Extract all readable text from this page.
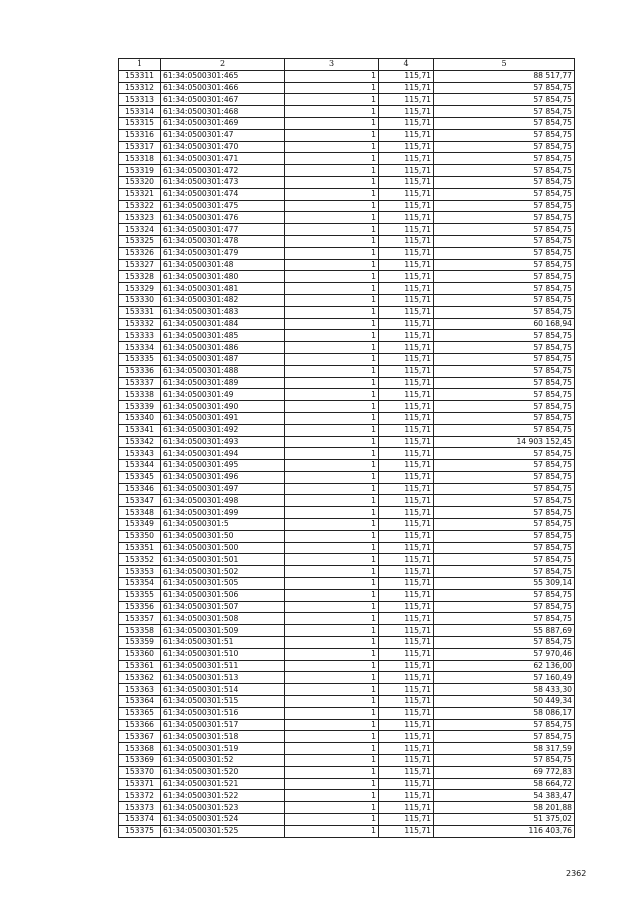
1	2	3	4	5
153311	61:34:0500301:465	1	115,71	88 517,77
153312	61:34:0500301:466	1	115,71	57 854,75
153313	61:34:0500301:467	1	115,71	57 854,75
153314	61:34:0500301:468	1	115,71	57 854,75
153315	61:34:0500301:469	1	115,71	57 854,75
153316	61:34:0500301:47	1	115,71	57 854,75
153317	61:34:0500301:470	1	115,71	57 854,75
153318	61:34:0500301:471	1	115,71	57 854,75
153319	61:34:0500301:472	1	115,71	57 854,75
153320	61:34:0500301:473	1	115,71	57 854,75
153321	61:34:0500301:474	1	115,71	57 854,75
153322	61:34:0500301:475	1	115,71	57 854,75
153323	61:34:0500301:476	1	115,71	57 854,75
153324	61:34:0500301:477	1	115,71	57 854,75
153325	61:34:0500301:478	1	115,71	57 854,75
153326	61:34:0500301:479	1	115,71	57 854,75
153327	61:34:0500301:48	1	115,71	57 854,75
153328	61:34:0500301:480	1	115,71	57 854,75
153329	61:34:0500301:481	1	115,71	57 854,75
153330	61:34:0500301:482	1	115,71	57 854,75
153331	61:34:0500301:483	1	115,71	57 854,75
153332	61:34:0500301:484	1	115,71	60 168,94
153333	61:34:0500301:485	1	115,71	57 854,75
153334	61:34:0500301:486	1	115,71	57 854,75
153335	61:34:0500301:487	1	115,71	57 854,75
153336	61:34:0500301:488	1	115,71	57 854,75
153337	61:34:0500301:489	1	115,71	57 854,75
153338	61:34:0500301:49	1	115,71	57 854,75
153339	61:34:0500301:490	1	115,71	57 854,75
153340	61:34:0500301:491	1	115,71	57 854,75
153341	61:34:0500301:492	1	115,71	57 854,75
153342	61:34:0500301:493	1	115,71	14 903 152,45
153343	61:34:0500301:494	1	115,71	57 854,75
153344	61:34:0500301:495	1	115,71	57 854,75
153345	61:34:0500301:496	1	115,71	57 854,75
153346	61:34:0500301:497	1	115,71	57 854,75
153347	61:34:0500301:498	1	115,71	57 854,75
153348	61:34:0500301:499	1	115,71	57 854,75
153349	61:34:0500301:5	1	115,71	57 854,75
153350	61:34:0500301:50	1	115,71	57 854,75
153351	61:34:0500301:500	1	115,71	57 854,75
153352	61:34:0500301:501	1	115,71	57 854,75
153353	61:34:0500301:502	1	115,71	57 854,75
153354	61:34:0500301:505	1	115,71	55 309,14
153355	61:34:0500301:506	1	115,71	57 854,75
153356	61:34:0500301:507	1	115,71	57 854,75
153357	61:34:0500301:508	1	115,71	57 854,75
153358	61:34:0500301:509	1	115,71	55 887,69
153359	61:34:0500301:51	1	115,71	57 854,75
153360	61:34:0500301:510	1	115,71	57 970,46
153361	61:34:0500301:511	1	115,71	62 136,00
153362	61:34:0500301:513	1	115,71	57 160,49
153363	61:34:0500301:514	1	115,71	58 433,30
153364	61:34:0500301:515	1	115,71	50 449,34
153365	61:34:0500301:516	1	115,71	58 086,17
153366	61:34:0500301:517	1	115,71	57 854,75
153367	61:34:0500301:518	1	115,71	57 854,75
153368	61:34:0500301:519	1	115,71	58 317,59
153369	61:34:0500301:52	1	115,71	57 854,75
153370	61:34:0500301:520	1	115,71	69 772,83
153371	61:34:0500301:521	1	115,71	58 664,72
153372	61:34:0500301:522	1	115,71	54 383,47
153373	61:34:0500301:523	1	115,71	58 201,88
153374	61:34:0500301:524	1	115,71	51 375,02
153375	61:34:0500301:525	1	115,71	116 403,76
2362
